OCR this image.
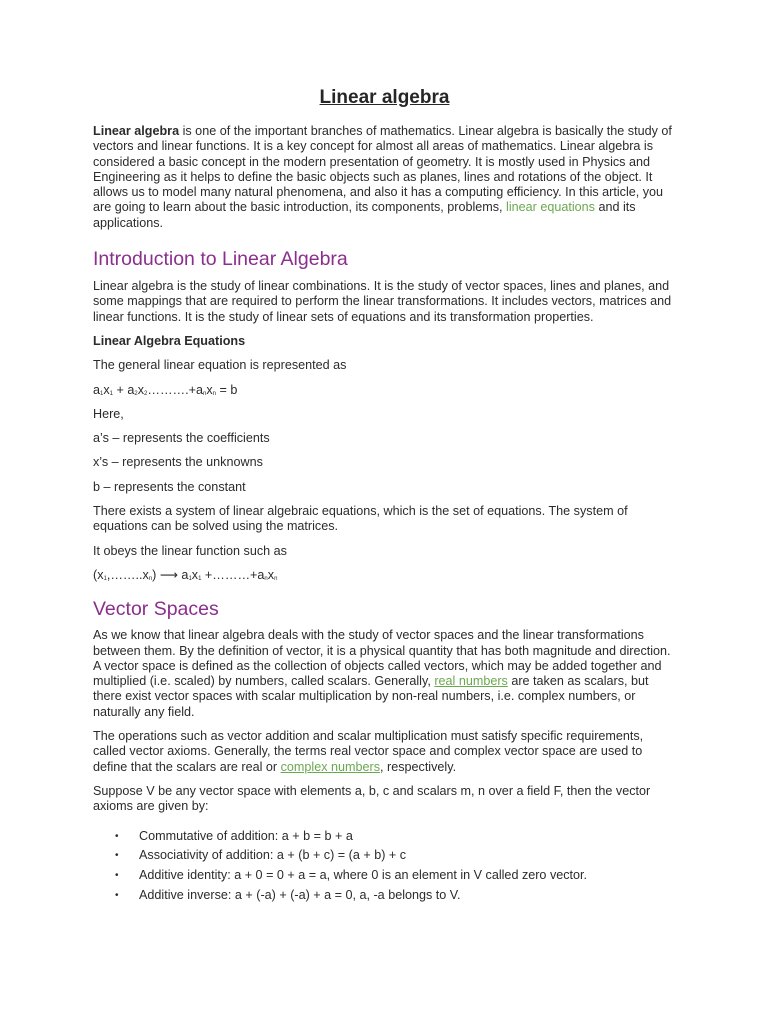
Linear algebra

Linear algebra is one of the important branches of mathematics. Linear algebra is basically the study of vectors and linear functions. It is a key concept for almost all areas of mathematics. Linear algebra is considered a basic concept in the modern presentation of geometry. It is mostly used in Physics and Engineering as it helps to define the basic objects such as planes, lines and rotations of the object. It allows us to model many natural phenomena, and also it has a computing efficiency. In this article, you are going to learn about the basic introduction, its components, problems, linear equations and its applications.

Introduction to Linear Algebra

Linear algebra is the study of linear combinations. It is the study of vector spaces, lines and planes, and some mappings that are required to perform the linear transformations. It includes vectors, matrices and linear functions. It is the study of linear sets of equations and its transformation properties.

Linear Algebra Equations

The general linear equation is represented as

$a_1x_1$ + $a_2x_2\dots\dots\dots.+a_nx_n = b$

Here,

a’s – represents the coefficients

x’s – represents the unknowns

b – represents the constant

There exists a system of linear algebraic equations, which is the set of equations. The system of equations can be solved using the matrices.

It obeys the linear function such as

$(x_1,\dots\dots..x_n)$ ⟶ $a_1x_1$ $+\dots\dots\dots+a_nx_n$

Vector Spaces

As we know that linear algebra deals with the study of vector spaces and the linear transformations between them. By the definition of vector, it is a physical quantity that has both magnitude and direction. A vector space is defined as the collection of objects called vectors, which may be added together and multiplied (i.e. scaled) by numbers, called scalars. Generally, real numbers are taken as scalars, but there exist vector spaces with scalar multiplication by non-real numbers, i.e. complex numbers, or naturally any field.

The operations such as vector addition and scalar multiplication must satisfy specific requirements, called vector axioms. Generally, the terms real vector space and complex vector space are used to define that the scalars are real or complex numbers, respectively.

Suppose V be any vector space with elements a, b, c and scalars m, n over a field F, then the vector axioms are given by:

• Commutative of addition: a + b = b + a
• Associativity of addition: a + (b + c) = (a + b) + c
• Additive identity: a + 0 = 0 + a = a, where 0 is an element in V called zero vector.
• Additive inverse: a + (-a) + (-a) + a = 0, a, -a belongs to V.
